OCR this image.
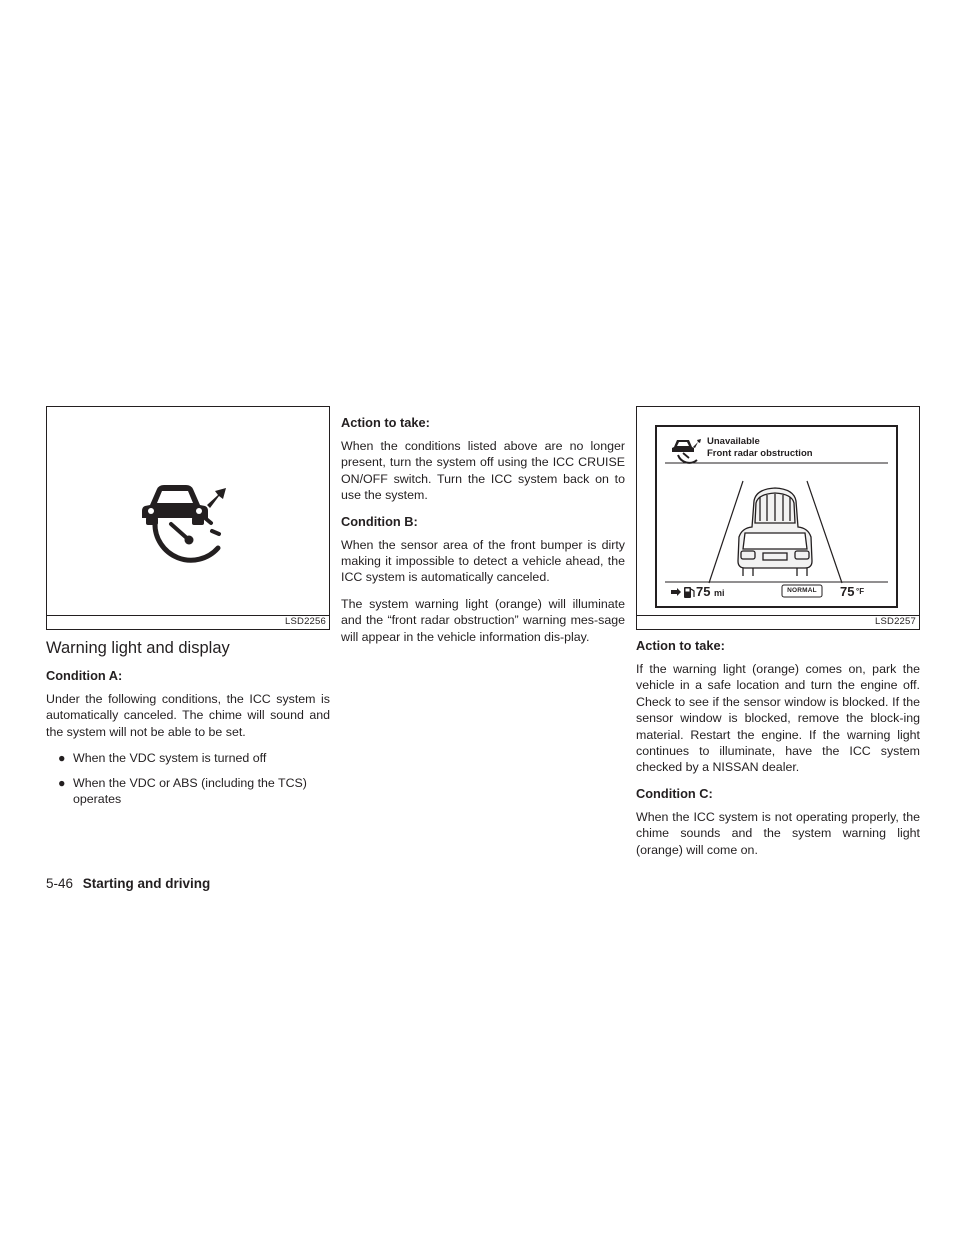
LSD2256
Warning light and display
Condition A:

Under the following conditions, the ICC system is automatically canceled. The chime will sound and the system will not be able to be set.

● When the VDC system is turned off
● When the VDC or ABS (including the TCS) operates
Action to take:

When the conditions listed above are no longer present, turn the system off using the ICC CRUISE ON/OFF switch. Turn the ICC system back on to use the system.

Condition B:

When the sensor area of the front bumper is dirty making it impossible to detect a vehicle ahead, the ICC system is automatically canceled.

The system warning light (orange) will illuminate and the “front radar obstruction” warning mes-sage will appear in the vehicle information dis-play.

Unavailable
Front radar obstruction
75 mi	NORMAL 75 °F
LSD2257
Action to take:

If the warning light (orange) comes on, park the vehicle in a safe location and turn the engine off. Check to see if the sensor window is blocked. If the sensor window is blocked, remove the block-ing material. Restart the engine. If the warning light continues to illuminate, have the ICC system checked by a NISSAN dealer.

Condition C:

When the ICC system is not operating properly, the chime sounds and the system warning light (orange) will come on.

5-46 Starting and driving
